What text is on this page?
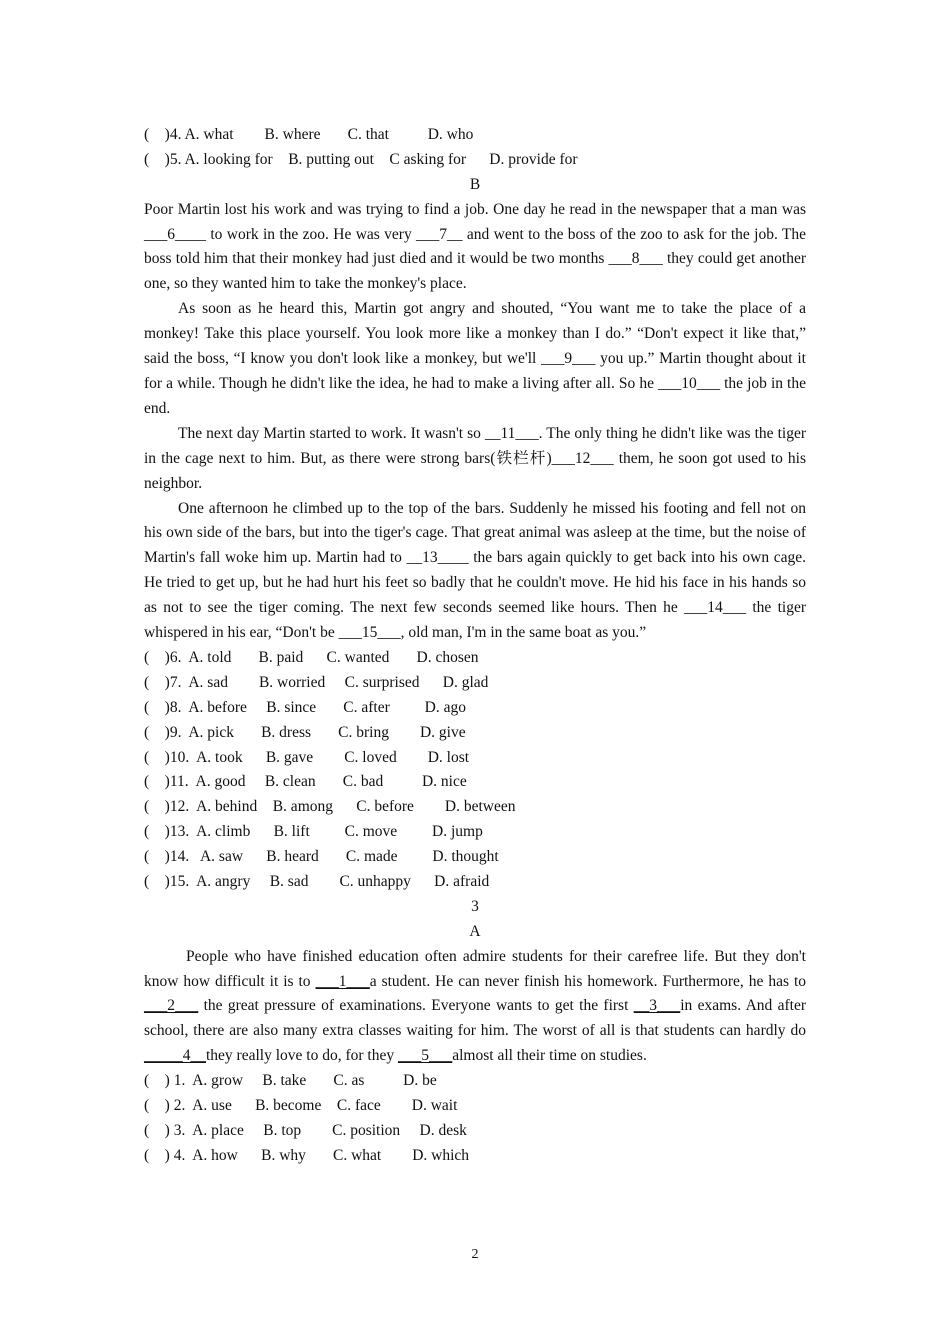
(    )4. A. what        B. where       C. that          D. who
(    )5. A. looking for    B. putting out    C asking for      D. provide for
B
Poor Martin lost his work and was trying to find a job. One day he read in the newspaper that a man was ___6____ to work in the zoo. He was very ___7__ and went to the boss of the zoo to ask for the job. The boss told him that their monkey had just died and it would be two months ___8___ they could get another one, so they wanted him to take the monkey's place.
As soon as he heard this, Martin got angry and shouted, “You want me to take the place of a monkey! Take this place yourself. You look more like a monkey than I do.” “Don't expect it like that,” said the boss, “I know you don't look like a monkey, but we'll ___9___ you up.” Martin thought about it for a while. Though he didn't like the idea, he had to make a living after all. So he ___10___ the job in the end.
The next day Martin started to work. It wasn't so __11___. The only thing he didn't like was the tiger in the cage next to him. But, as there were strong bars(铁栏杆)___12___ them, he soon got used to his neighbor.
One afternoon he climbed up to the top of the bars. Suddenly he missed his footing and fell not on his own side of the bars, but into the tiger's cage. That great animal was asleep at the time, but the noise of Martin's fall woke him up. Martin had to __13____ the bars again quickly to get back into his own cage. He tried to get up, but he had hurt his feet so badly that he couldn't move. He hid his face in his hands so as not to see the tiger coming. The next few seconds seemed like hours. Then he ___14___ the tiger whispered in his ear, “Don't be ___15___, old man, I'm in the same boat as you.”
(    )6.  A. told       B. paid      C. wanted       D. chosen
(    )7.  A. sad        B. worried     C. surprised      D. glad
(    )8.  A. before     B. since       C. after         D. ago
(    )9.  A. pick       B. dress       C. bring        D. give
(    )10.  A. took      B. gave        C. loved        D. lost
(    )11.  A. good     B. clean       C. bad          D. nice
(    )12.  A. behind    B. among      C. before        D. between
(    )13.  A. climb      B. lift         C. move         D. jump
(    )14.   A. saw      B. heard       C. made         D. thought
(    )15.  A. angry     B. sad        C. unhappy      D. afraid
3
A
People who have finished education often admire students for their carefree life. But they don't know how difficult it is to ___1___a student. He can never finish his homework. Furthermore, he has to ___2___ the great pressure of examinations. Everyone wants to get the first __3___in exams. And after school, there are also many extra classes waiting for him. The worst of all is that students can hardly do _____4__they really love to do, for they ___5___almost all their time on studies.
(    ) 1.  A. grow     B. take       C. as          D. be
(    ) 2.  A. use      B. become    C. face        D. wait
(    ) 3.  A. place     B. top        C. position     D. desk
(    ) 4.  A. how      B. why       C. what        D. which
2
